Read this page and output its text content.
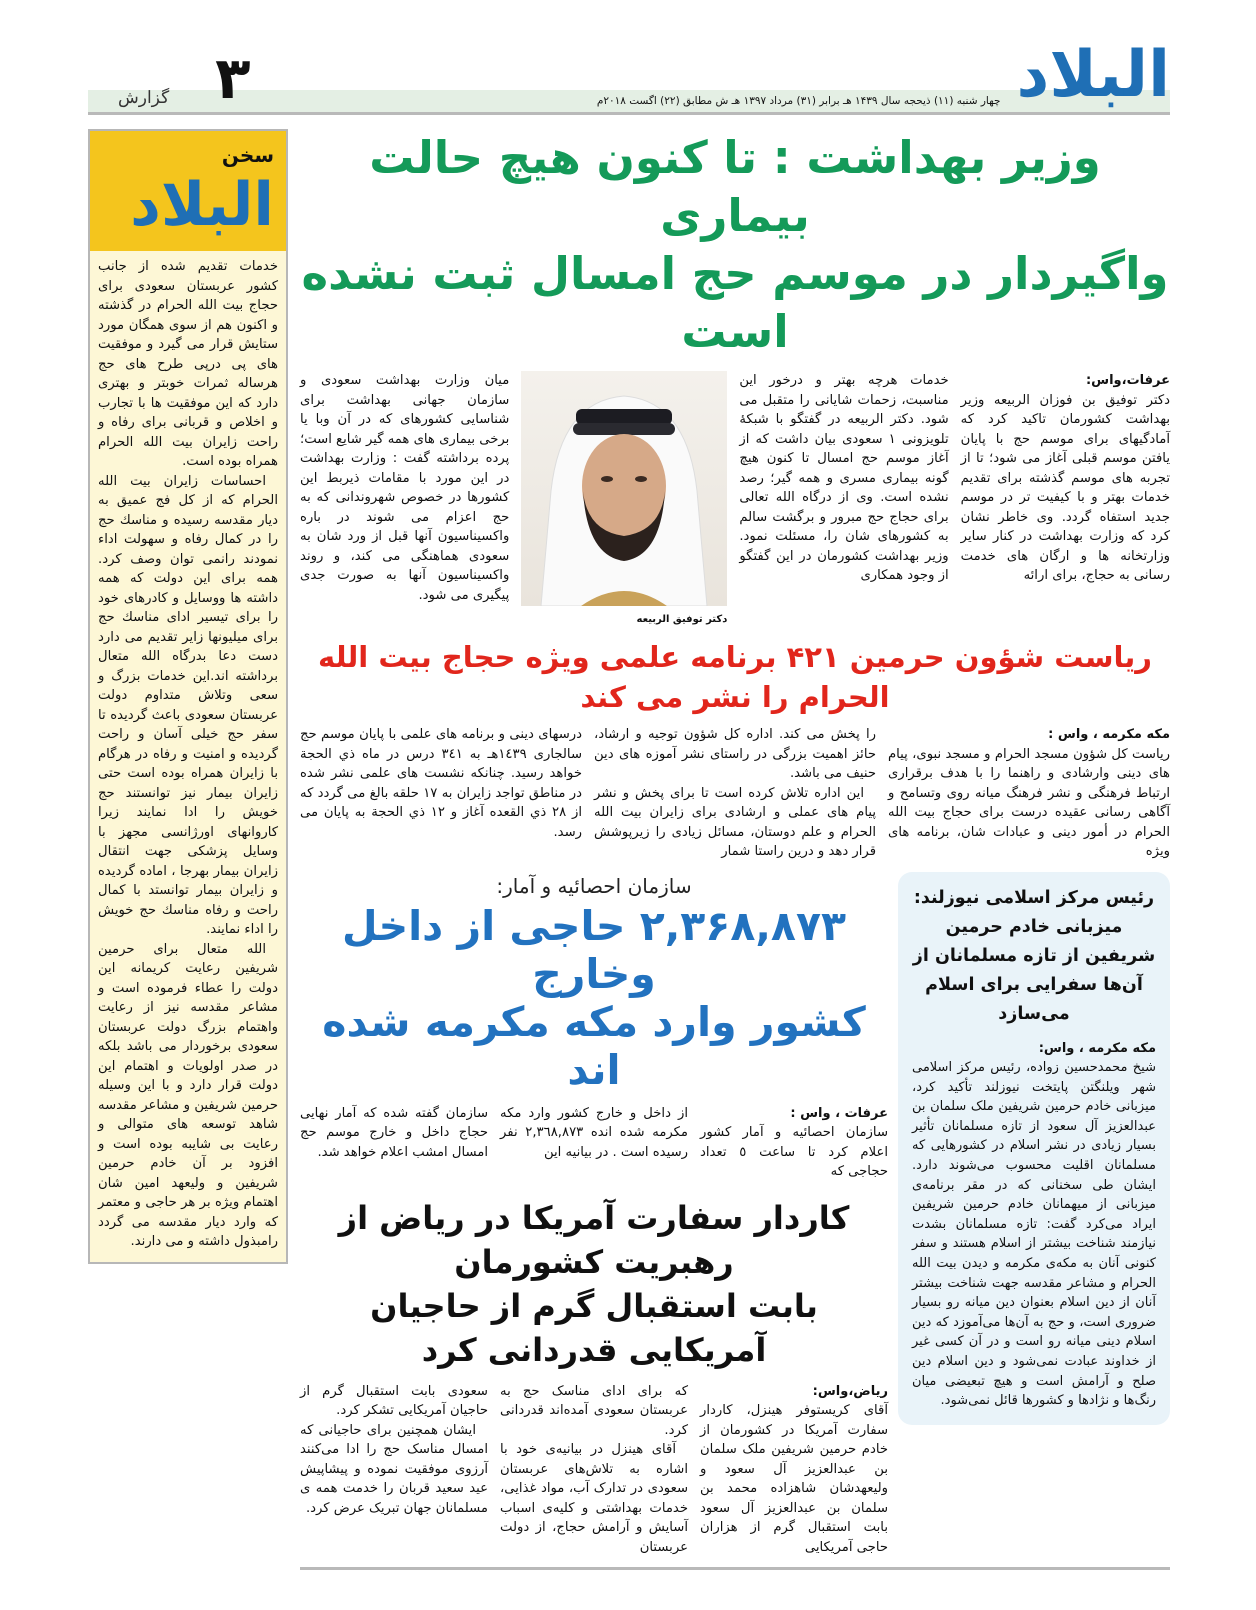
البلاد
چهار شنبه (۱۱) ذیحجه سال ۱۴۳۹ هـ برابر (۳۱) مرداد ۱۳۹۷ هـ ش مطابق (۲۲) اگست ۲۰۱۸م
۳
گزارش
وزیر بهداشت : تا کنون هیچ حالت بیماری
واگیردار در موسم حج امسال ثبت نشده است
عرفات،واس:

دکتر توفیق بن فوزان الربیعه وزیر بهداشت کشورمان تاکید کرد که آمادگیهای برای موسم حج با پایان یافتن موسم قبلی آغاز می شود؛ تا از تجربه های موسم گذشته برای تقدیم خدمات بهتر و با کیفیت تر در موسم جدید استفاه گردد. وی خاطر نشان کرد که وزارت بهداشت در کنار سایر وزارتخانه ها و ارگان های خدمت رسانی به حجاج، برای ارائه

خدمات هرچه بهتر و درخور این مناسبت، زحمات شایانی را متقبل می شود. دکتر الربیعه در گفتگو با شبکهٔ تلویزونی ۱ سعودی بیان داشت که از آغاز موسم حج امسال تا کنون هیچ گونه بیماری مسری و همه گیر؛ رصد نشده است. وی از درگاه الله تعالی برای حجاج حج مبرور و برگشت سالم به کشورهای شان را، مسئلت نمود. وزیر بهداشت کشورمان در این گفتگو از وجود همکاری

دکتر توفیق الربیعه

میان وزارت بهداشت سعودی و سازمان جهانی بهداشت برای شناسایی کشورهای که در آن وبا یا برخی بیماری های همه گیر شایع است؛ پرده برداشته گفت : وزارت بهداشت در این مورد با مقامات ذیربط این کشورها در خصوص شهروندانی که به حج اعزام می شوند در باره واکسیناسیون آنها قبل از ورد شان به سعودی هماهنگی می کند، و روند واکسیناسیون آنها به صورت جدی پیگیری می شود.

ریاست شؤون حرمین ۴۲۱ برنامه علمی ویژه حجاج بیت الله الحرام را نشر می کند
مکه مکرمه ، واس :

ریاست کل شؤون مسجد الحرام و مسجد نبوی، پیام های دینی وارشادی و راهنما را با هدف برقراری ارتباط فرهنگی و نشر فرهنگ میانه روی وتسامح و آگاهی رسانی عقیده درست برای حجاج بیت الله الحرام در أمور دینی و عبادات شان، برنامه های ویژه

را پخش می کند. اداره کل شؤون توجیه و ارشاد، حائز اهمیت بزرگی در راستای نشر آموزه های دین حنیف می باشد.

این اداره تلاش کرده است تا برای پخش و نشر پیام های عملی و ارشادی برای زایران بیت الله الحرام و علم دوستان، مسائل زیادی را زیرپوشش قرار دهد و درین راستا شمار

درسهای دینی و برنامه های علمی با پایان موسم حج سالجاری ۱٤۳۹هـ به ۳٤۱ درس در ماه ذي الحجة خواهد رسید. چنانکه نشست های علمی نشر شده در مناطق تواجد زایران به ۱۷ حلقه بالغ می گردد که از ۲۸ ذي القعده آغاز و ۱۲ ذي الحجة به پایان می رسد.

رئیس مرکز اسلامی نیوزلند: میزبانی خادم حرمین شریفین از تازه مسلمانان از آن‌ها سفرایی برای اسلام می‌سازد
مکه مکرمه ، واس:

شیخ محمدحسین زواده، رئیس مرکز اسلامی شهر ویلنگتن پایتخت نیوزلند تأکید کرد، میزبانی خادم حرمین شریفین ملک سلمان بن عبدالعزیز آل سعود از تازه مسلمانان تأثیر بسیار زیادی در نشر اسلام در کشورهایی که مسلمانان اقلیت محسوب می‌شوند دارد. ایشان طی سخنانی که در مقر برنامه‌ی میزبانی از میهمانان خادم حرمین شریفین ایراد می‌کرد گفت: تازه مسلمانان بشدت نیازمند شناخت بیشتر از اسلام هستند و سفر کنونی آنان به مکه‌ی مکرمه و دیدن بیت الله الحرام و مشاعر مقدسه جهت شناخت بیشتر آنان از دین اسلام بعنوان دین میانه رو بسیار ضروری است، و حج به آن‌ها می‌آموزد که دین اسلام دینی میانه رو است و در آن کسی غیر از خداوند عبادت نمی‌شود و دین اسلام دین صلح و آرامش است و هیچ تبعیضی میان رنگ‌ها و نژادها و کشورها قائل نمی‌شود.

سازمان احصائیه و آمار:
۲,۳۶۸,۸۷۳ حاجی از داخل وخارج
کشور وارد مکه مکرمه شده اند
عرفات ، واس :

سازمان احصائیه و آمار کشور اعلام کرد تا ساعت ٥ تعداد حجاجی که

از داخل و خارج کشور وارد مکه مکرمه شده انده ۲,۳٦۸,۸۷۳ نفر رسیده است . در بیانیه این

سازمان گفته شده که آمار نهایی حجاج داخل و خارج موسم حج امسال امشب اعلام خواهد شد.

کاردار سفارت آمریکا در ریاض از رهبریت کشورمان
بابت استقبال گرم از حاجیان آمریکایی قدردانی کرد
ریاض،واس:

آقای کریستوفر هینزل، کاردار سفارت آمریکا در کشورمان از خادم حرمین شریفین ملک سلمان بن عبدالعزیز آل سعود و ولیعهدشان شاهزاده محمد بن سلمان بن عبدالعزیز آل سعود بابت استقبال گرم از هزاران حاجی آمریکایی

که برای ادای مناسک حج به عربستان سعودی آمده‌اند قدردانی کرد.

آقای هینزل در بیانیه‌ی خود با اشاره به تلاش‌های عربستان سعودی در تدارک آب، مواد غذایی، خدمات بهداشتی و کلیه‌ی اسباب آسایش و آرامش حجاج، از دولت عربستان

سعودی بابت استقبال گرم از حاجیان آمریکایی تشکر کرد.

ایشان همچنین برای حاجیانی که امسال مناسک حج را ادا می‌کنند آرزوی موفقیت نموده و پیشاپیش عید سعید قربان را خدمت همه ی مسلمانان جهان تبریک عرض کرد.

سخن
البلاد

خدمات تقدیم شده از جانب کشور عربستان سعودی برای حجاج بیت الله الحرام در گذشته و اکنون هم از سوی همگان مورد ستایش قرار می گیرد و موفقیت های پی درپی طرح های حج هرساله ثمرات خوبتر و بهتری دارد که این موفقیت ها با تجارب و اخلاص و قربانی برای رفاه و راحت زایران بیت الله الحرام همراه بوده است.

احساسات زایران بیت الله الحرام که از کل فج عمیق به دیار مقدسه رسیده و مناسك حج را در کمال رفاه و سهولت اداء نمودند رانمی توان وصف کرد. همه برای این دولت که همه داشته ها ووسایل و کادرهای خود را برای تیسیر ادای مناسك حج برای میلیونها زایر تقدیم می دارد دست دعا بدرگاه الله متعال برداشته اند.این خدمات بزرگ و سعی وتلاش متداوم دولت عربستان سعودی باعث گردیده تا سفر حج خیلی آسان و راحت گردیده و امنیت و رفاه در هرگام با زایران همراه بوده است حتی زایران بیمار نیز توانستند حج خویش را ادا نمایند زیرا کاروانهای اورژانسی مجهز با وسایل پزشکی جهت انتقال زایران بیمار بهرجا ، اماده گردیده و زایران بیمار توانستد با کمال راحت و رفاه مناسك حج خویش را اداء نمایند.

الله متعال برای حرمین شریفین رعایت کریمانه این دولت را عطاء فرموده است و مشاعر مقدسه نیز از رعایت واهتمام بزرگ دولت عربستان سعودی برخوردار می باشد بلکه در صدر اولویات و اهتمام این دولت قرار دارد و با این وسیله حرمین شریفین و مشاعر مقدسه شاهد توسعه های متوالی و رعایت بی شایبه بوده است و افزود بر آن خادم حرمین شریفین و ولیعهد امین شان اهتمام ویژه بر هر حاجی و معتمر که وارد دیار مقدسه می گردد رامبذول داشته و می دارند.
